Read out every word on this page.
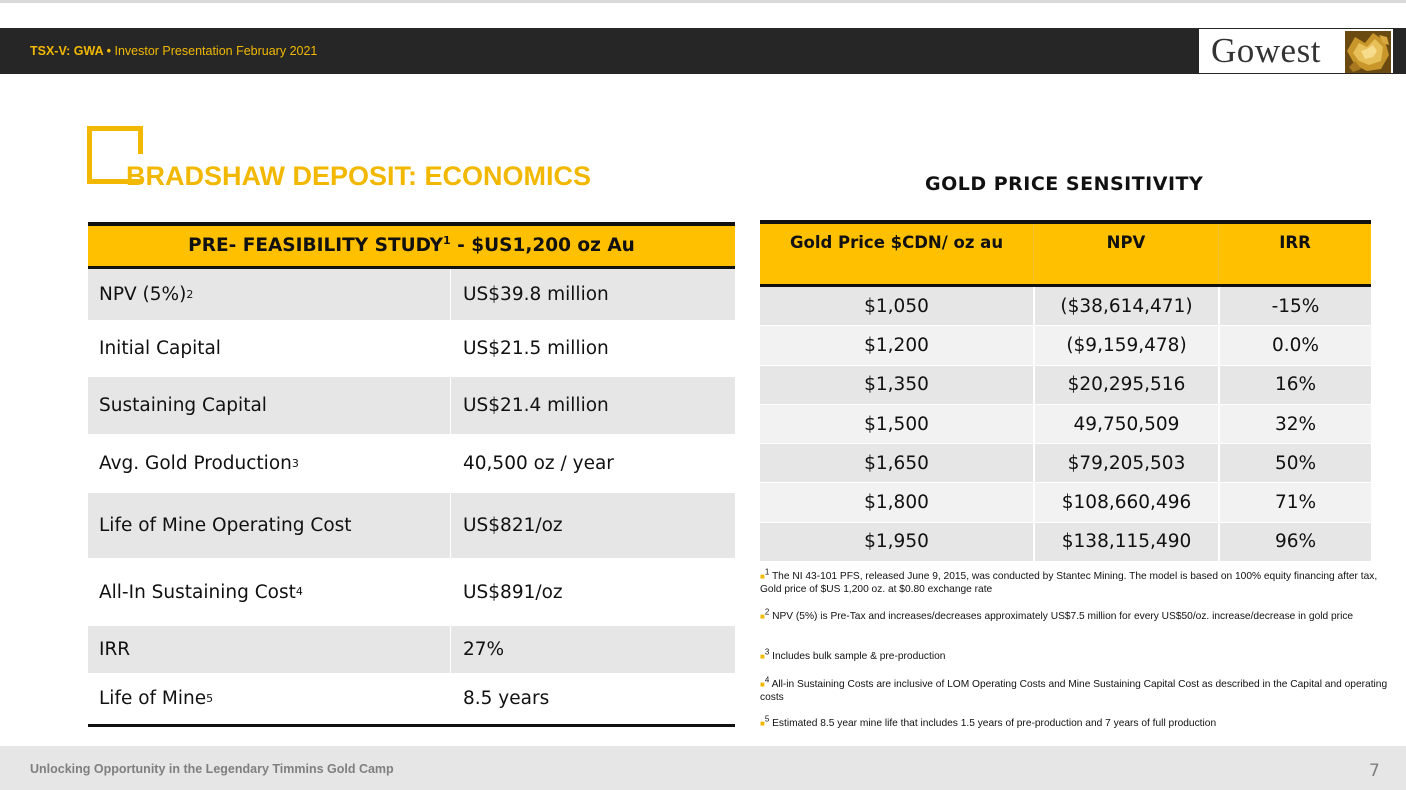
TSX-V: GWA • Investor Presentation February 2021	Gowest
BRADSHAW DEPOSIT: ECONOMICS
PRE- FEASIBILITY STUDY$^1$ - $US1,200 oz Au
NPV (5%) 2	US$39.8 million
Initial Capital	US$21.5 million
Sustaining Capital	US$21.4 million
Avg. Gold Production 3	40,500 oz / year
Life of Mine Operating Cost	US$821/oz
All-In Sustaining Cost 4	US$891/oz
IRR	27%
Life of Mine 5	8.5 years
GOLD PRICE SENSITIVITY
Gold Price $CDN/ oz au	NPV	IRR
$1,050	($38,614,471)	-15%
$1,200	($9,159,478)	0.0%
$1,350	$20,295,516	16%
$1,500	49,750,509	32%
$1,650	$79,205,503	50%
$1,800	$108,660,496	71%
$1,950	$138,115,490	96%
■$^1$ The NI 43-101 PFS, released June 9, 2015, was conducted by Stantec Mining. The model is based on 100% equity financing after tax, Gold price of $US 1,200 oz. at $0.80 exchange rate
■$^2$ NPV (5%) is Pre-Tax and increases/decreases approximately US$7.5 million for every US$50/oz. increase/decrease in gold price
■$^3$ Includes bulk sample & pre-production
■$^4$ All-in Sustaining Costs are inclusive of LOM Operating Costs and Mine Sustaining Capital Cost as described in the Capital and operating costs
■$^5$ Estimated 8.5 year mine life that includes 1.5 years of pre-production and 7 years of full production
Unlocking Opportunity in the Legendary Timmins Gold Camp	7
